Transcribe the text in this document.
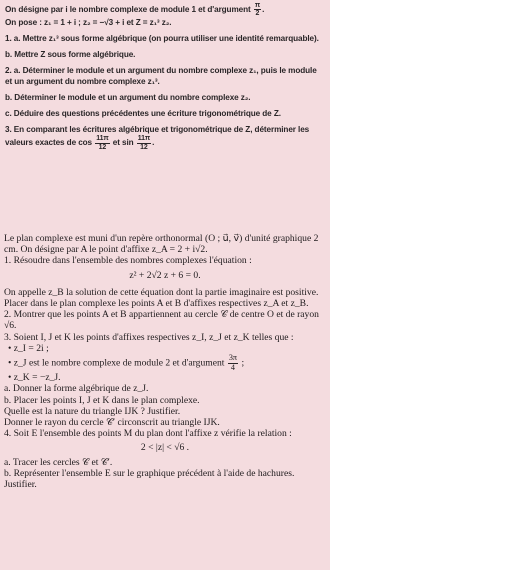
On désigne par i le nombre complexe de module 1 et d'argument $\frac{\pi}{2}$ .
On pose : z₁ = 1 + i ; z₂ = −√3 + i et Z = z₁³ z₂.
1. a. Mettre z₁³ sous forme algébrique (on pourra utiliser une identité remarquable).
b. Mettre Z sous forme algébrique.
2. a. Déterminer le module et un argument du nombre complexe z₁, puis le module et un argument du nombre complexe z₁³.
b. Déterminer le module et un argument du nombre complexe z₂.
c. Déduire des questions précédentes une écriture trigonométrique de Z.
3. En comparant les écritures algébrique et trigonométrique de Z, déterminer les valeurs exactes de $\cos \frac{11\pi}{12}$ et $\sin \frac{11\pi}{12}$ .
Le plan complexe est muni d'un repère orthonormal (O ; u⃗, v⃗) d'unité graphique 2 cm. On désigne par A le point d'affixe z_A = 2 + i√2.
1. Résoudre dans l'ensemble des nombres complexes l'équation :
z² + 2√2 z + 6 = 0.
On appelle z_B la solution de cette équation dont la partie imaginaire est positive.
Placer dans le plan complexe les points A et B d'affixes respectives z_A et z_B.
2. Montrer que les points A et B appartiennent au cercle 𝒞 de centre O et de rayon √6.
3. Soient I, J et K les points d'affixes respectives z_I, z_J et z_K telles que :
• z_I = 2i ;
• z_J est le nombre complexe de module 2 et d'argument $\frac{3\pi}{4}$ ;
• z_K = −z_J.
a. Donner la forme algébrique de z_J.
b. Placer les points I, J et K dans le plan complexe.
Quelle est la nature du triangle IJK ? Justifier.
Donner le rayon du cercle 𝒞′ circonscrit au triangle IJK.
4. Soit E l'ensemble des points M du plan dont l'affixe z vérifie la relation :
2 < |z| < √6 .
a. Tracer les cercles 𝒞 et 𝒞′.
b. Représenter l'ensemble E sur le graphique précédent à l'aide de hachures.
Justifier.
